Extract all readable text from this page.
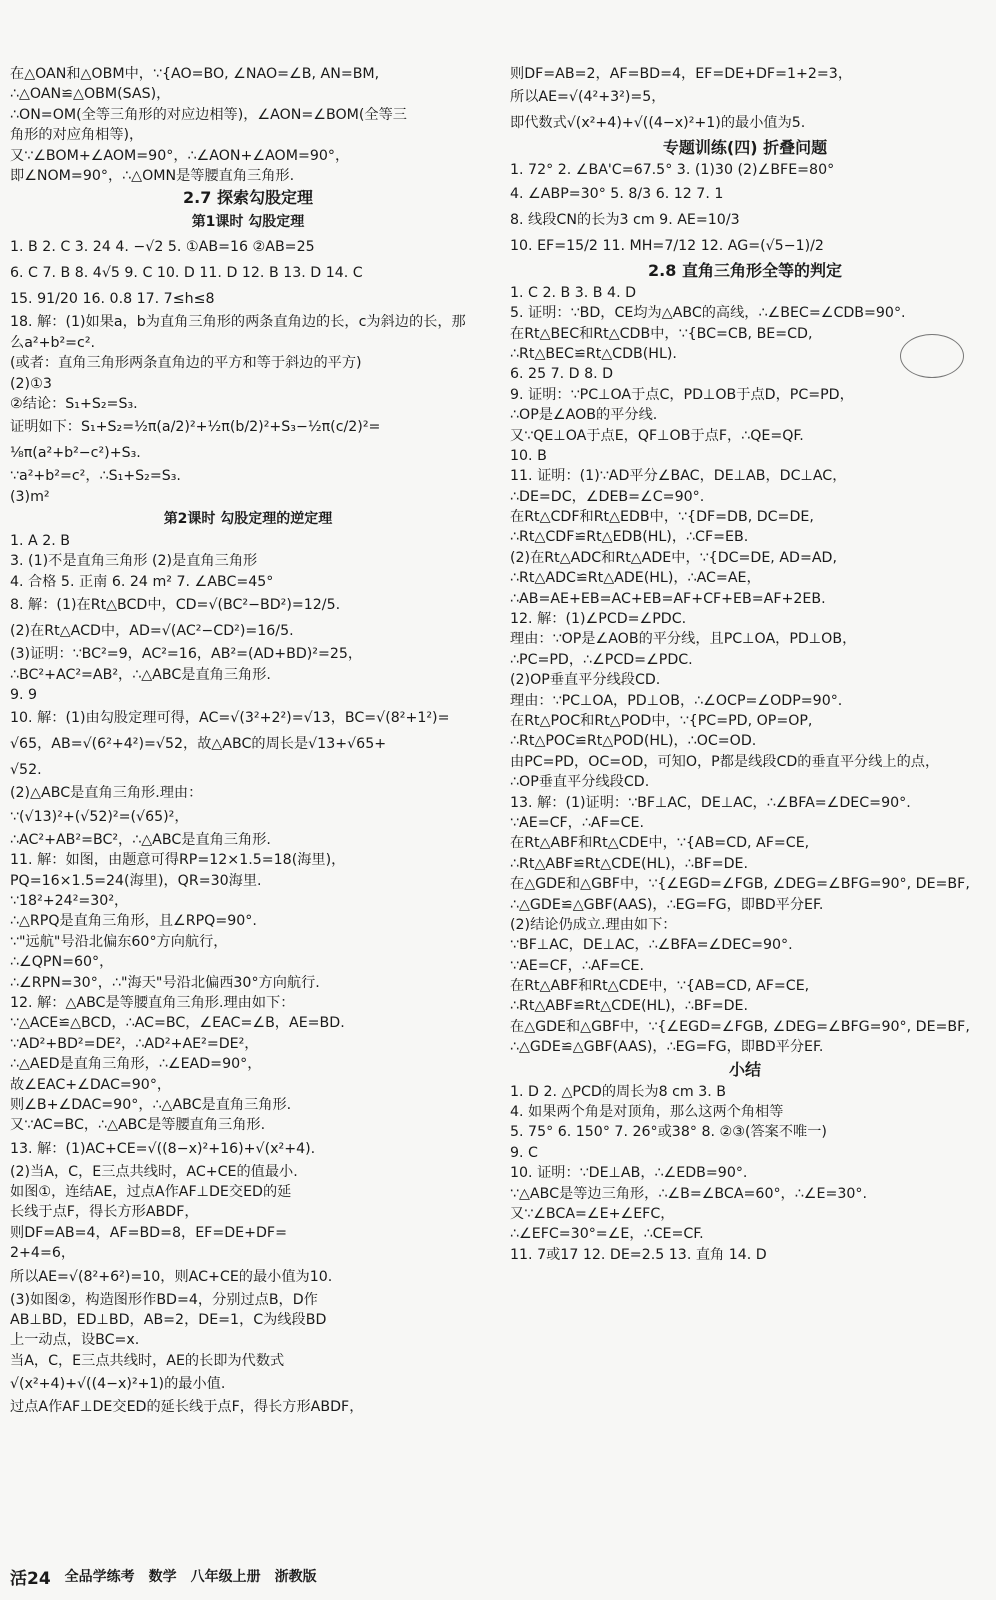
在△OAN和△OBM中，∵{AO=BO, ∠NAO=∠B, AN=BM,
∴△OAN≌△OBM(SAS)，
∴ON=OM(全等三角形的对应边相等)，∠AON=∠BOM(全等三
角形的对应角相等)，
又∵∠BOM+∠AOM=90°，∴∠AON+∠AOM=90°，
即∠NOM=90°，∴△OMN是等腰直角三角形.
2.7 探索勾股定理
第1课时 勾股定理
1. B 2. C 3. 24 4. −√2 5. ①AB=16 ②AB=25
6. C 7. B 8. 4√5 9. C 10. D 11. D 12. B 13. D 14. C
15. 91/20 16. 0.8 17. 7≤h≤8
18. 解：(1)如果a，b为直角三角形的两条直角边的长，c为斜边的长，那
么a²+b²=c².
(或者：直角三角形两条直角边的平方和等于斜边的平方)
(2)①3
②结论：S₁+S₂=S₃.
证明如下：S₁+S₂=½π(a/2)²+½π(b/2)²+S₃−½π(c/2)²=
⅛π(a²+b²−c²)+S₃.
∵a²+b²=c²，∴S₁+S₂=S₃.
(3)m²
第2课时 勾股定理的逆定理
1. A 2. B
3. (1)不是直角三角形 (2)是直角三角形
4. 合格 5. 正南 6. 24 m² 7. ∠ABC=45°
8. 解：(1)在Rt△BCD中，CD=√(BC²−BD²)=12/5.
(2)在Rt△ACD中，AD=√(AC²−CD²)=16/5.
(3)证明：∵BC²=9，AC²=16，AB²=(AD+BD)²=25，
∴BC²+AC²=AB²，∴△ABC是直角三角形.
9. 9
10. 解：(1)由勾股定理可得，AC=√(3²+2²)=√13，BC=√(8²+1²)=
√65，AB=√(6²+4²)=√52，故△ABC的周长是√13+√65+
√52.
(2)△ABC是直角三角形.理由：
∵(√13)²+(√52)²=(√65)²，
∴AC²+AB²=BC²，∴△ABC是直角三角形.
11. 解：如图，由题意可得RP=12×1.5=18(海里)，
PQ=16×1.5=24(海里)，QR=30海里.
∵18²+24²=30²，
∴△RPQ是直角三角形，且∠RPQ=90°.
∵"远航"号沿北偏东60°方向航行，
∴∠QPN=60°，
∴∠RPN=30°，∴"海天"号沿北偏西30°方向航行.
12. 解：△ABC是等腰直角三角形.理由如下：
∵△ACE≌△BCD，∴AC=BC，∠EAC=∠B，AE=BD.
∵AD²+BD²=DE²，∴AD²+AE²=DE²，
∴△AED是直角三角形，∴∠EAD=90°，
故∠EAC+∠DAC=90°，
则∠B+∠DAC=90°，∴△ABC是直角三角形.
又∵AC=BC，∴△ABC是等腰直角三角形.
13. 解：(1)AC+CE=√((8−x)²+16)+√(x²+4).
(2)当A，C，E三点共线时，AC+CE的值最小.
如图①，连结AE，过点A作AF⊥DE交ED的延
长线于点F，得长方形ABDF，
则DF=AB=4，AF=BD=8，EF=DE+DF=
2+4=6，
所以AE=√(8²+6²)=10，则AC+CE的最小值为10.
(3)如图②，构造图形作BD=4，分别过点B，D作
AB⊥BD，ED⊥BD，AB=2，DE=1，C为线段BD
上一动点，设BC=x.
当A，C，E三点共线时，AE的长即为代数式
√(x²+4)+√((4−x)²+1)的最小值.
过点A作AF⊥DE交ED的延长线于点F，得长方形ABDF，
则DF=AB=2，AF=BD=4，EF=DE+DF=1+2=3，
所以AE=√(4²+3²)=5，
即代数式√(x²+4)+√((4−x)²+1)的最小值为5.
专题训练(四) 折叠问题
1. 72° 2. ∠BA'C=67.5° 3. (1)30 (2)∠BFE=80°
4. ∠ABP=30° 5. 8/3 6. 12 7. 1
8. 线段CN的长为3 cm 9. AE=10/3
10. EF=15/2 11. MH=7/12 12. AG=(√5−1)/2
2.8 直角三角形全等的判定
1. C 2. B 3. B 4. D
5. 证明：∵BD，CE均为△ABC的高线，∴∠BEC=∠CDB=90°.
在Rt△BEC和Rt△CDB中，∵{BC=CB, BE=CD,
∴Rt△BEC≌Rt△CDB(HL).
6. 25 7. D 8. D
9. 证明：∵PC⊥OA于点C，PD⊥OB于点D，PC=PD，
∴OP是∠AOB的平分线.
又∵QE⊥OA于点E，QF⊥OB于点F，∴QE=QF.
10. B
11. 证明：(1)∵AD平分∠BAC，DE⊥AB，DC⊥AC，
∴DE=DC，∠DEB=∠C=90°.
在Rt△CDF和Rt△EDB中，∵{DF=DB, DC=DE,
∴Rt△CDF≌Rt△EDB(HL)，∴CF=EB.
(2)在Rt△ADC和Rt△ADE中，∵{DC=DE, AD=AD,
∴Rt△ADC≌Rt△ADE(HL)，∴AC=AE，
∴AB=AE+EB=AC+EB=AF+CF+EB=AF+2EB.
12. 解：(1)∠PCD=∠PDC.
理由：∵OP是∠AOB的平分线，且PC⊥OA，PD⊥OB，
∴PC=PD，∴∠PCD=∠PDC.
(2)OP垂直平分线段CD.
理由：∵PC⊥OA，PD⊥OB，∴∠OCP=∠ODP=90°.
在Rt△POC和Rt△POD中，∵{PC=PD, OP=OP,
∴Rt△POC≌Rt△POD(HL)，∴OC=OD.
由PC=PD，OC=OD，可知O，P都是线段CD的垂直平分线上的点，
∴OP垂直平分线段CD.
13. 解：(1)证明：∵BF⊥AC，DE⊥AC，∴∠BFA=∠DEC=90°.
∵AE=CF，∴AF=CE.
在Rt△ABF和Rt△CDE中，∵{AB=CD, AF=CE,
∴Rt△ABF≌Rt△CDE(HL)，∴BF=DE.
在△GDE和△GBF中，∵{∠EGD=∠FGB, ∠DEG=∠BFG=90°, DE=BF,
∴△GDE≌△GBF(AAS)，∴EG=FG，即BD平分EF.
(2)结论仍成立.理由如下：
∵BF⊥AC，DE⊥AC，∴∠BFA=∠DEC=90°.
∵AE=CF，∴AF=CE.
在Rt△ABF和Rt△CDE中，∵{AB=CD, AF=CE,
∴Rt△ABF≌Rt△CDE(HL)，∴BF=DE.
在△GDE和△GBF中，∵{∠EGD=∠FGB, ∠DEG=∠BFG=90°, DE=BF,
∴△GDE≌△GBF(AAS)，∴EG=FG，即BD平分EF.
小结
1. D 2. △PCD的周长为8 cm 3. B
4. 如果两个角是对顶角，那么这两个角相等
5. 75° 6. 150° 7. 26°或38° 8. ②③(答案不唯一)
9. C
10. 证明：∵DE⊥AB，∴∠EDB=90°.
∵△ABC是等边三角形，∴∠B=∠BCA=60°，∴∠E=30°.
又∵∠BCA=∠E+∠EFC，
∴∠EFC=30°=∠E，∴CE=CF.
11. 7或17 12. DE=2.5 13. 直角 14. D
活24 全品学练考 数学 八年级上册 浙教版
